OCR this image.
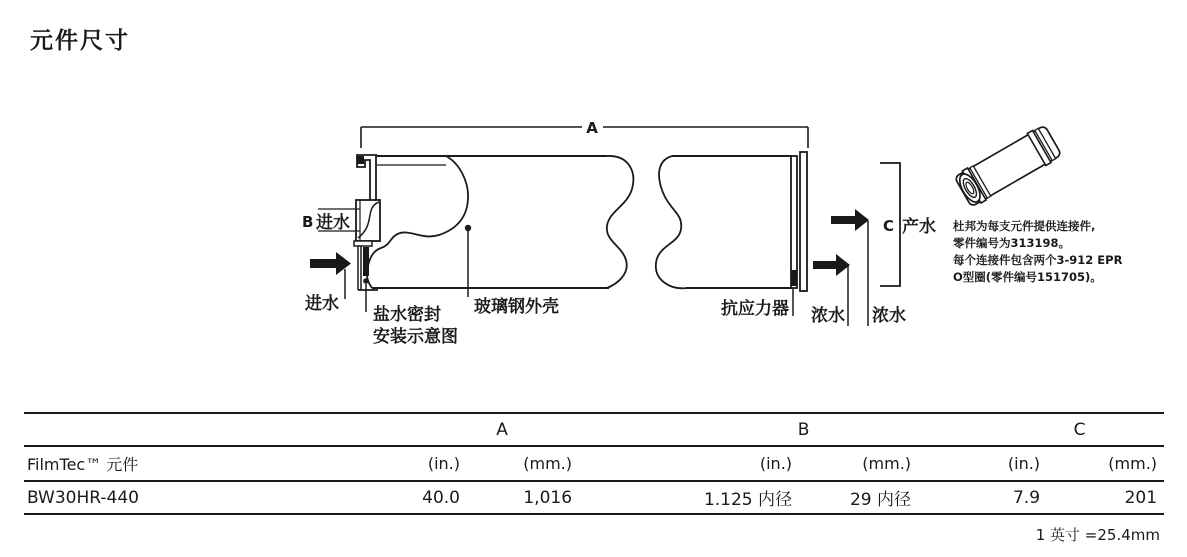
元件尺寸
A
B 进水
进水
盐水密封
安装示意图
玻璃钢外壳	抗应力器 浓水 浓水
C 产水 杜邦为每支元件提供连接件,
零件编号为313198。
每个连接件包含两个3-912 EPR
O型圈(零件编号151705)。
	A		B		C	
FilmTec™ 元件	(in.)	(mm.)	(in.)	(mm.)	(in.)	(mm.)
BW30HR-440	40.0	1,016	1.125 内径	29 内径	7.9	201
1 英寸 =25.4mm
